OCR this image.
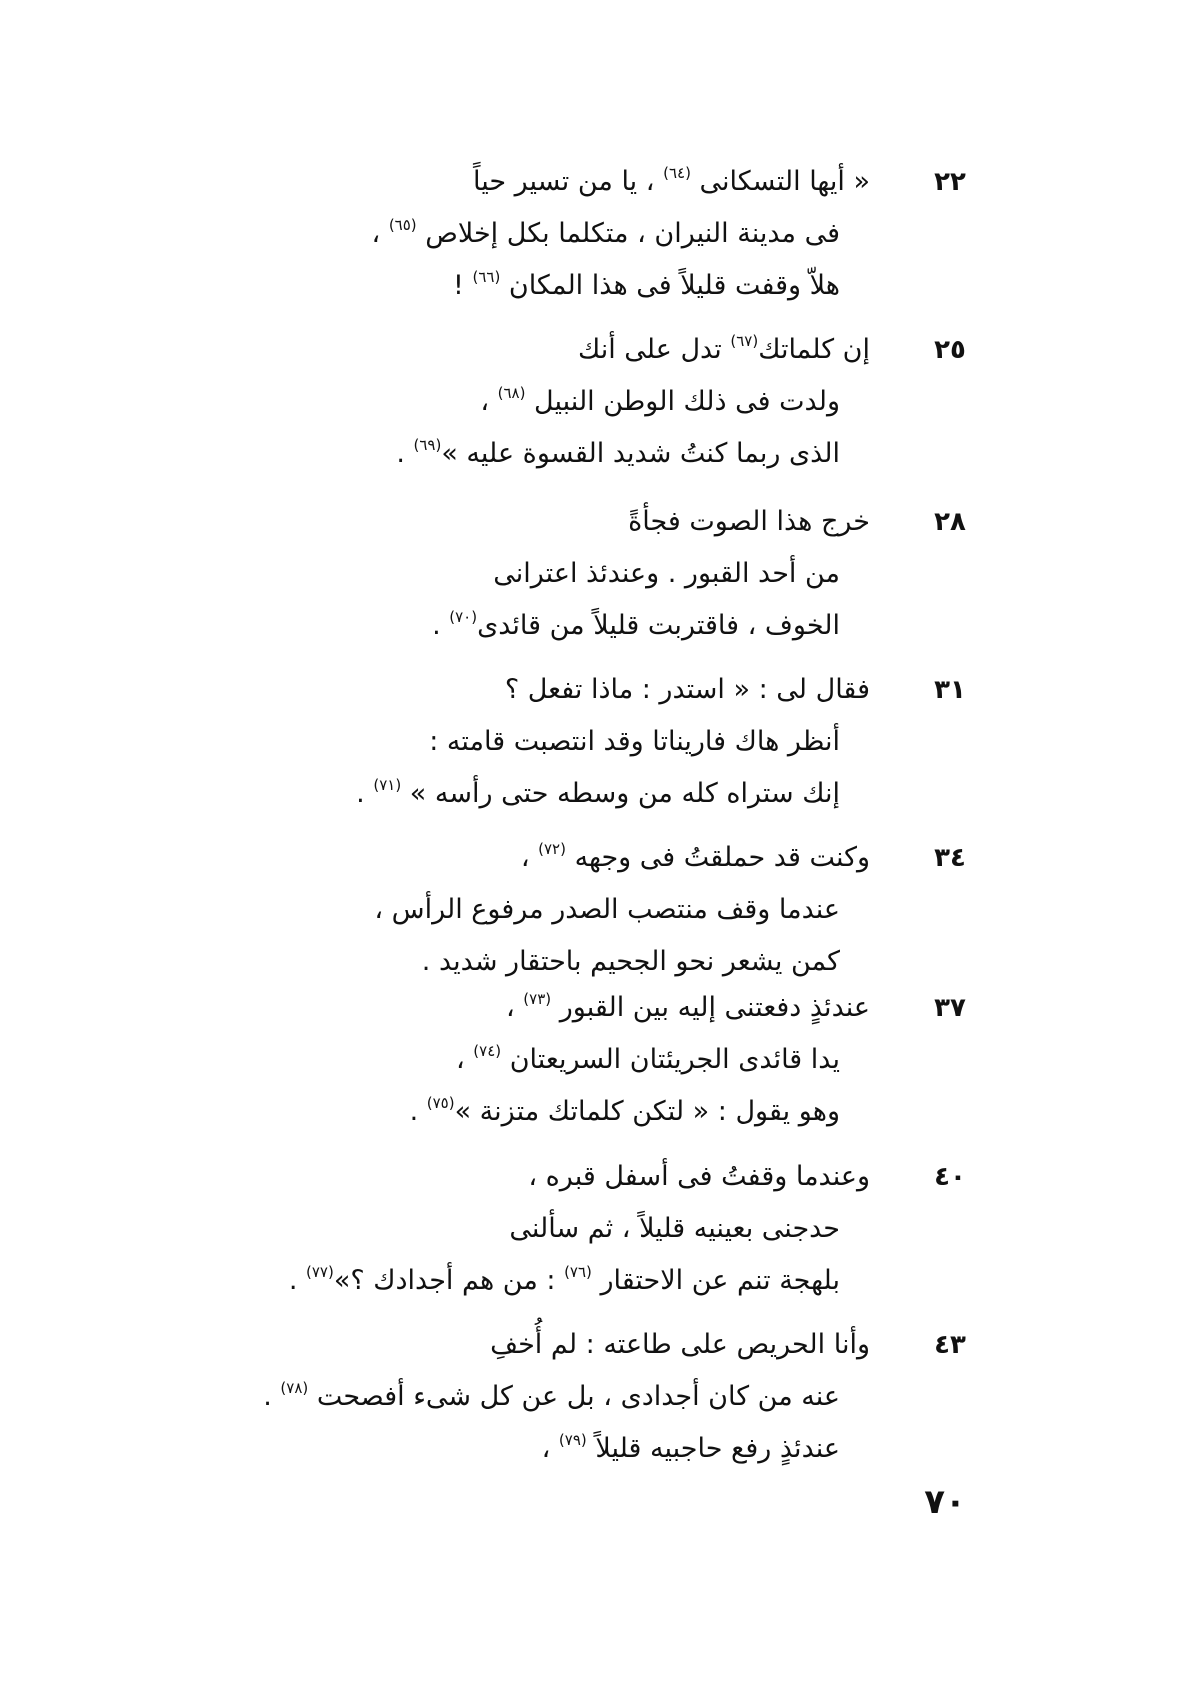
٢٢
« أيها التسكانى $^{(٦٤)}$ ، يا من تسير حياً
فى مدينة النيران ، متكلما بكل إخلاص $^{(٦٥)}$ ،
هلاّ وقفت قليلاً فى هذا المكان $^{(٦٦)}$ !
٢٥
إن كلماتك$^{(٦٧)}$ تدل على أنك
ولدت فى ذلك الوطن النبيل $^{(٦٨)}$ ،
الذى ربما كنتُ شديد القسوة عليه »$^{(٦٩)}$ .
٢٨
خرج هذا الصوت فجأةً
من أحد القبور . وعندئذ اعترانى
الخوف ، فاقتربت قليلاً من قائدى$^{(٧٠)}$ .
٣١
فقال لى : « استدر : ماذا تفعل ؟
أنظر هاك فاريناتا وقد انتصبت قامته :
إنك ستراه كله من وسطه حتى رأسه » $^{(٧١)}$ .
٣٤
وكنت قد حملقتُ فى وجهه $^{(٧٢)}$ ،
عندما وقف منتصب الصدر مرفوع الرأس ،
كمن يشعر نحو الجحيم باحتقار شديد .
٣٧
عندئذٍ دفعتنى إليه بين القبور $^{(٧٣)}$ ،
يدا قائدى الجريئتان السريعتان $^{(٧٤)}$ ،
وهو يقول : « لتكن كلماتك متزنة »$^{(٧٥)}$ .
٤٠
وعندما وقفتُ فى أسفل قبره ،
حدجنى بعينيه قليلاً ، ثم سألنى
بلهجة تنم عن الاحتقار $^{(٧٦)}$ : من هم أجدادك ؟»$^{(٧٧)}$ .
٤٣
وأنا الحريص على طاعته : لم أُخفِ
عنه من كان أجدادى ، بل عن كل شىء أفصحت $^{(٧٨)}$ .
عندئذٍ رفع حاجبيه قليلاً $^{(٧٩)}$ ،
٧٠
